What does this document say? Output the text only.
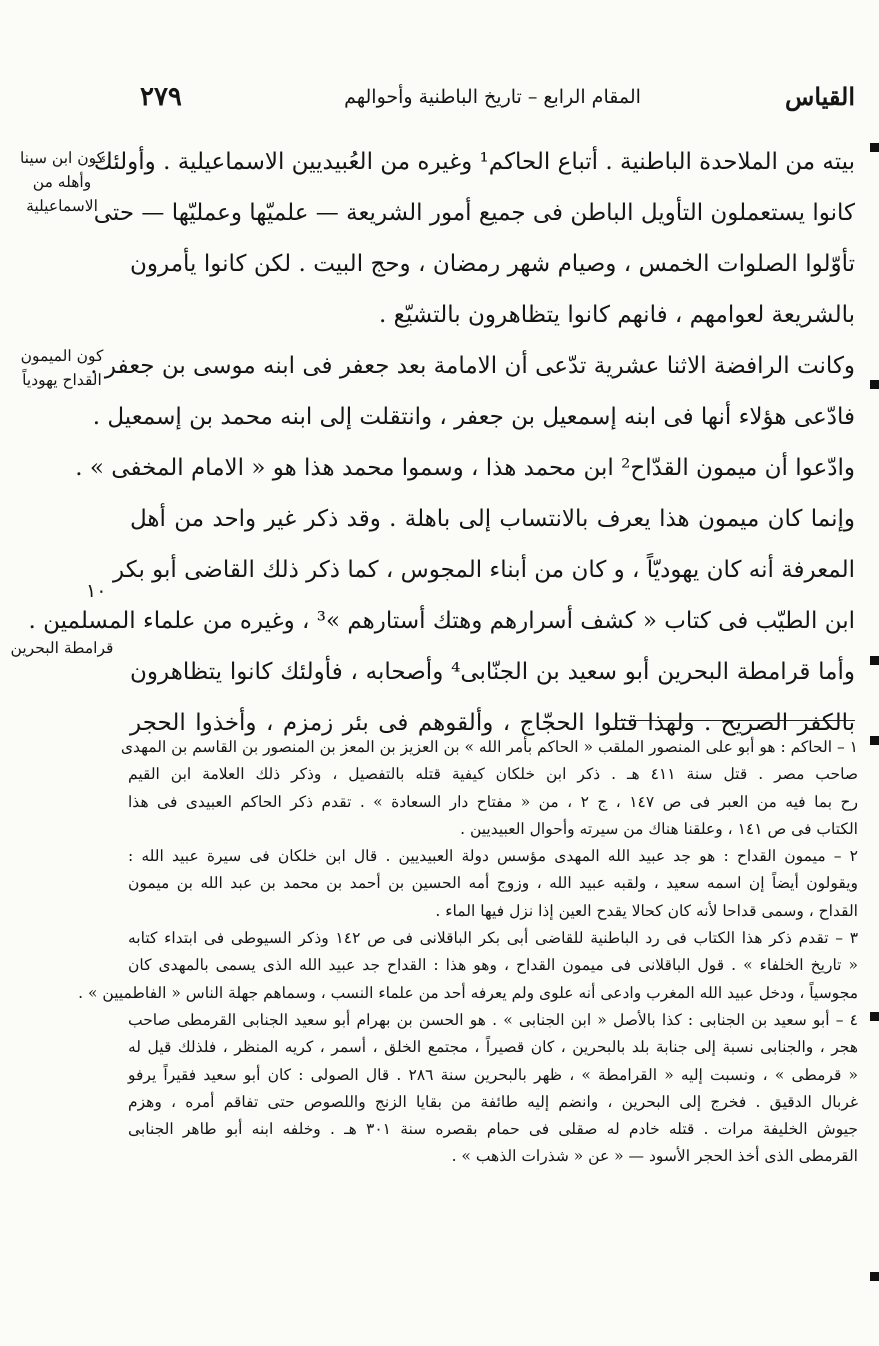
٢٧٩	المقام الرابع – تاريخ الباطنية وأحوالهم	القياس
بيته من الملاحدة الباطنية . أتباع الحاكم¹ وغيره من العُبيديين الاسماعيلية . وأولئك
كانوا يستعملون التأويل الباطن فى جميع أمور الشريعة — علميّها وعمليّها — حتى
تأوّلوا الصلوات الخمس ، وصيام شهر رمضان ، وحج البيت . لكن كانوا يأمرون
بالشريعة لعوامهم ، فانهم كانوا يتظاهرون بالتشيّع .
وكانت الرافضة الاثنا عشرية تدّعى أن الامامة بعد جعفر فى ابنه موسى بن جعفر .
فادّعى هؤلاء أنها فى ابنه إسمعيل بن جعفر ، وانتقلت إلى ابنه محمد بن إسمعيل .
وادّعوا أن ميمون القدّاح² ابن محمد هذا ، وسموا محمد هذا هو « الامام المخفى » .
وإنما كان ميمون هذا يعرف بالانتساب إلى باهلة . وقد ذكر غير واحد من أهل
المعرفة أنه كان يهوديّاً ، و كان من أبناء المجوس ، كما ذكر ذلك القاضى أبو بكر
ابن الطيّب فى كتاب « كشف أسرارهم وهتك أستارهم »³ ، وغيره من علماء المسلمين .
وأما قرامطة البحرين أبو سعيد بن الجنّابى⁴ وأصحابه ، فأولئك كانوا يتظاهرون
بالكفر الصريح . ولهذا قتلوا الحجّاج ، وألقوهم فى بئر زمزم ، وأخذوا الحجر
كون ابن سينا وأهله من الاسماعيلية
كون الميمون القداح يهودياً
قرامطة البحرين
١٠
١ – الحاكم : هو أبو على المنصور الملقب « الحاكم بأمر الله » بن العزيز بن المعز بن المنصور بن القاسم بن المهدى
صاحب مصر . قتل سنة ٤١١ هـ . ذكر ابن خلكان كيفية قتله بالتفصيل ، وذكر ذلك العلامة ابن القيم
رح بما فيه من العبر فى ص ١٤٧ ، ج ٢ ، من « مفتاح دار السعادة » . تقدم ذكر الحاكم العبيدى فى هذا
الكتاب فى ص ١٤١ ، وعلقنا هناك من سيرته وأحوال العبيديين .
٢ – ميمون القداح : هو جد عبيد الله المهدى مؤسس دولة العبيديين . قال ابن خلكان فى سيرة عبيد الله :
ويقولون أيضاً إن اسمه سعيد ، ولقبه عبيد الله ، وزوج أمه الحسين بن أحمد بن محمد بن عبد الله بن ميمون
القداح ، وسمى قداحا لأنه كان كحالا يقدح العين إذا نزل فيها الماء .
٣ – تقدم ذكر هذا الكتاب فى رد الباطنية للقاضى أبى بكر الباقلانى فى ص ١٤٢ وذكر السيوطى فى ابتداء كتابه
« تاريخ الخلفاء » . قول الباقلانى فى ميمون القداح ، وهو هذا : القداح جد عبيد الله الذى يسمى بالمهدى كان
مجوسياً ، ودخل عبيد الله المغرب وادعى أنه علوى ولم يعرفه أحد من علماء النسب ، وسماهم جهلة الناس « الفاطميين » .
٤ – أبو سعيد بن الجنابى : كذا بالأصل « ابن الجنابى » . هو الحسن بن بهرام أبو سعيد الجنابى القرمطى صاحب
هجر ، والجنابى نسبة إلى جنابة بلد بالبحرين ، كان قصيراً ، مجتمع الخلق ، أسمر ، كريه المنظر ، فلذلك قيل له
« قرمطى » ، ونسبت إليه « القرامطة » ، ظهر بالبحرين سنة ٢٨٦ . قال الصولى : كان أبو سعيد فقيراً يرفو
غربال الدقيق . فخرج إلى البحرين ، وانضم إليه طائفة من بقايا الزنج واللصوص حتى تفاقم أمره ، وهزم
جيوش الخليفة مرات . قتله خادم له صقلى فى حمام بقصره سنة ٣٠١ هـ . وخلفه ابنه أبو طاهر الجنابى
القرمطى الذى أخذ الحجر الأسود — « عن « شذرات الذهب » .
